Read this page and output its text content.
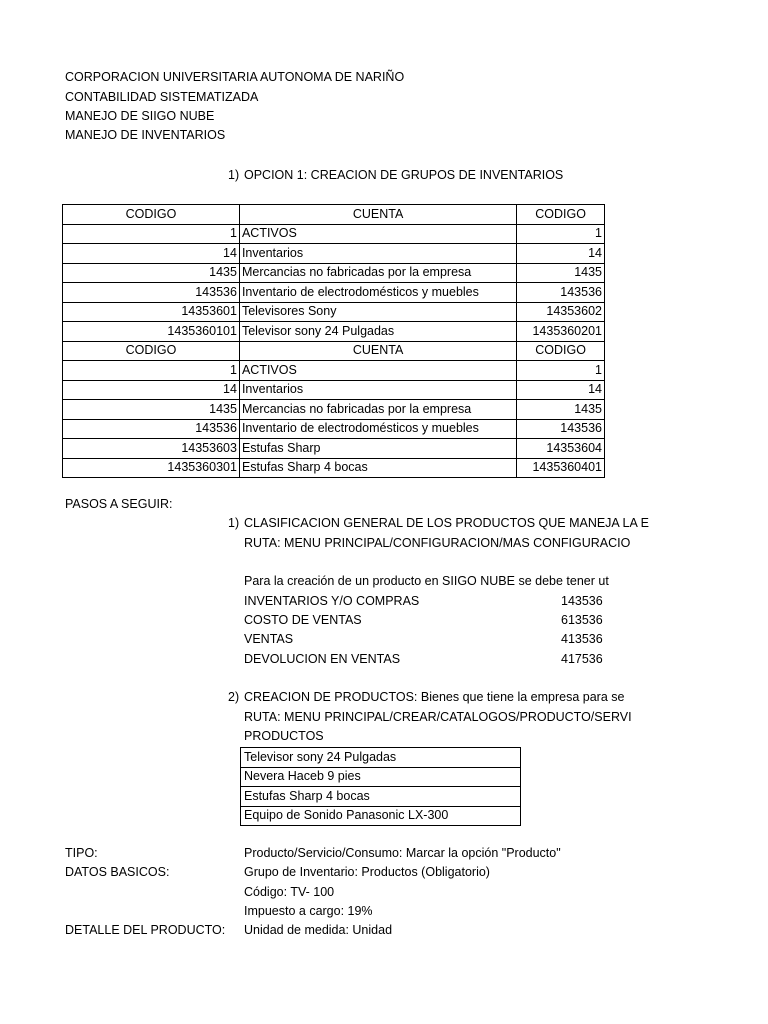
CORPORACION UNIVERSITARIA AUTONOMA DE NARIÑO
CONTABILIDAD SISTEMATIZADA
MANEJO DE SIIGO NUBE
MANEJO DE INVENTARIOS
1) OPCION 1: CREACION DE GRUPOS DE INVENTARIOS
CODIGO	CUENTA	CODIGO
1	ACTIVOS	1
14	Inventarios	14
1435	Mercancias no fabricadas por la empresa	1435
143536	Inventario de electrodomésticos y muebles	143536
14353601	Televisores Sony	14353602
1435360101	Televisor sony 24 Pulgadas	1435360201
CODIGO	CUENTA	CODIGO
1	ACTIVOS	1
14	Inventarios	14
1435	Mercancias no fabricadas por la empresa	1435
143536	Inventario de electrodomésticos y muebles	143536
14353603	Estufas Sharp	14353604
1435360301	Estufas Sharp 4 bocas	1435360401
PASOS A SEGUIR:
1) CLASIFICACION GENERAL DE LOS PRODUCTOS QUE MANEJA LA E
RUTA: MENU PRINCIPAL/CONFIGURACION/MAS CONFIGURACIO
Para la creación de un producto en SIIGO NUBE se debe tener ut
INVENTARIOS Y/O COMPRAS	143536
COSTO DE VENTAS	613536
VENTAS	413536
DEVOLUCION EN VENTAS	417536
2) CREACION DE PRODUCTOS: Bienes que tiene la empresa para se
RUTA: MENU PRINCIPAL/CREAR/CATALOGOS/PRODUCTO/SERVI
PRODUCTOS
Televisor sony 24 Pulgadas
Nevera Haceb 9 pies
Estufas Sharp 4 bocas
Equipo de Sonido Panasonic LX-300
TIPO:	Producto/Servicio/Consumo: Marcar la opción "Producto"
DATOS BASICOS:	Grupo de Inventario: Productos (Obligatorio)
Código: TV- 100
Impuesto a cargo: 19%
DETALLE DEL PRODUCTO: Unidad de medida: Unidad
